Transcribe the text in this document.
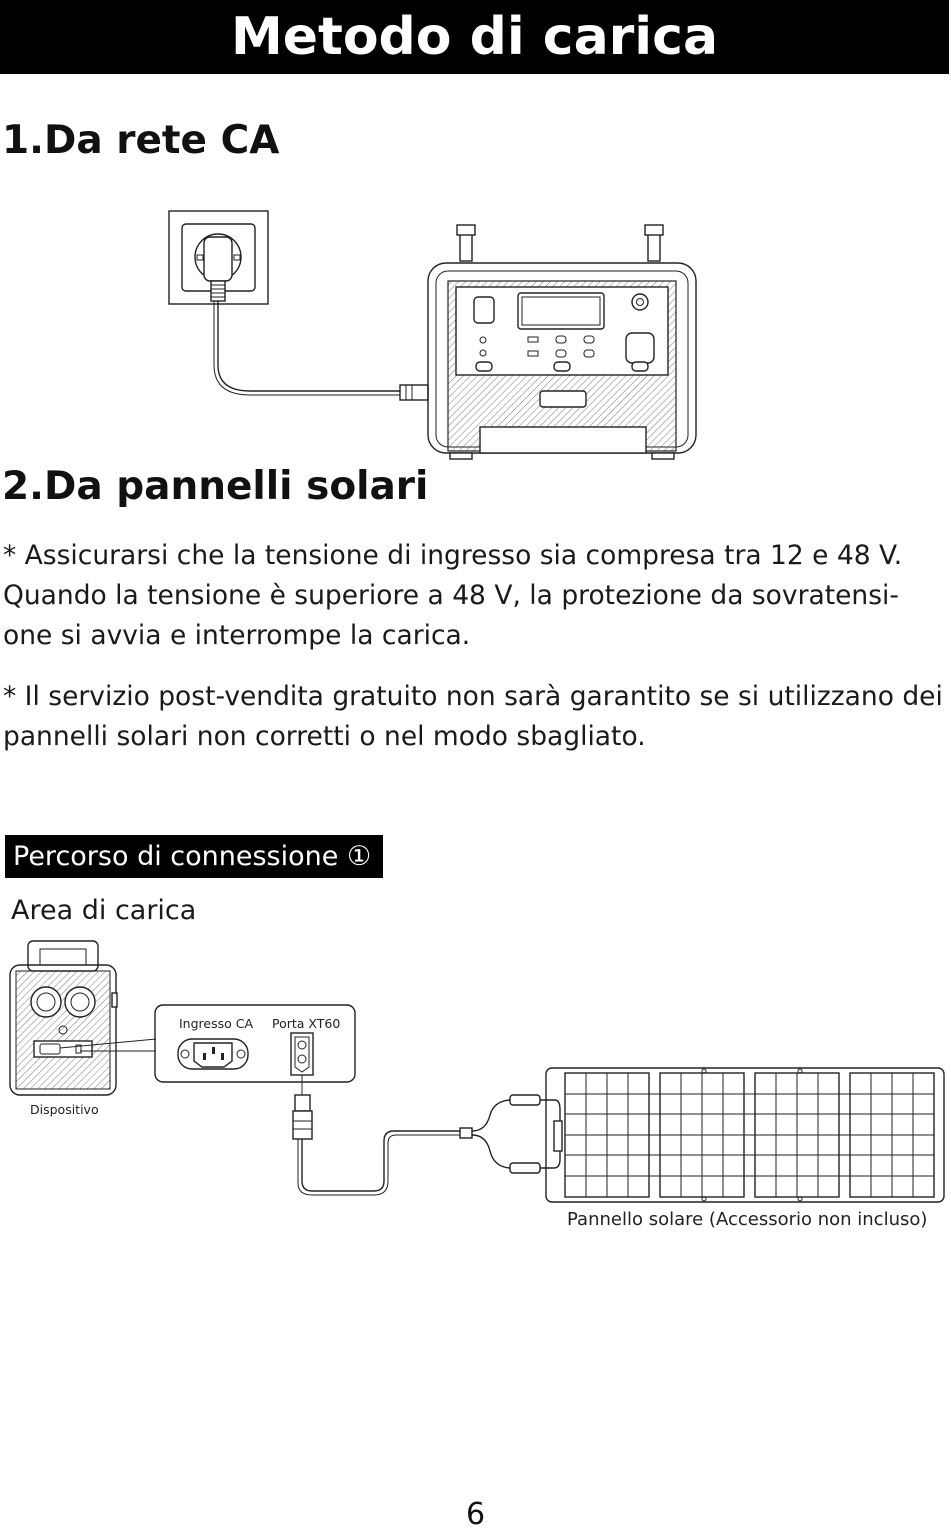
Metodo di carica
1.Da rete CA
2.Da pannelli solari

* Assicurarsi che la tensione di ingresso sia compresa tra 12 e 48 V. Quando la tensione è superiore a 48 V, la protezione da sovratensi-one si avvia e interrompe la carica.

* Il servizio post-vendita gratuito non sarà garantito se si utilizzano dei pannelli solari non corretti o nel modo sbagliato.

Percorso di connessione ①
Area di carica
Ingresso CA Porta XT60
Dispositivo
Pannello solare (Accessorio non incluso)
6
